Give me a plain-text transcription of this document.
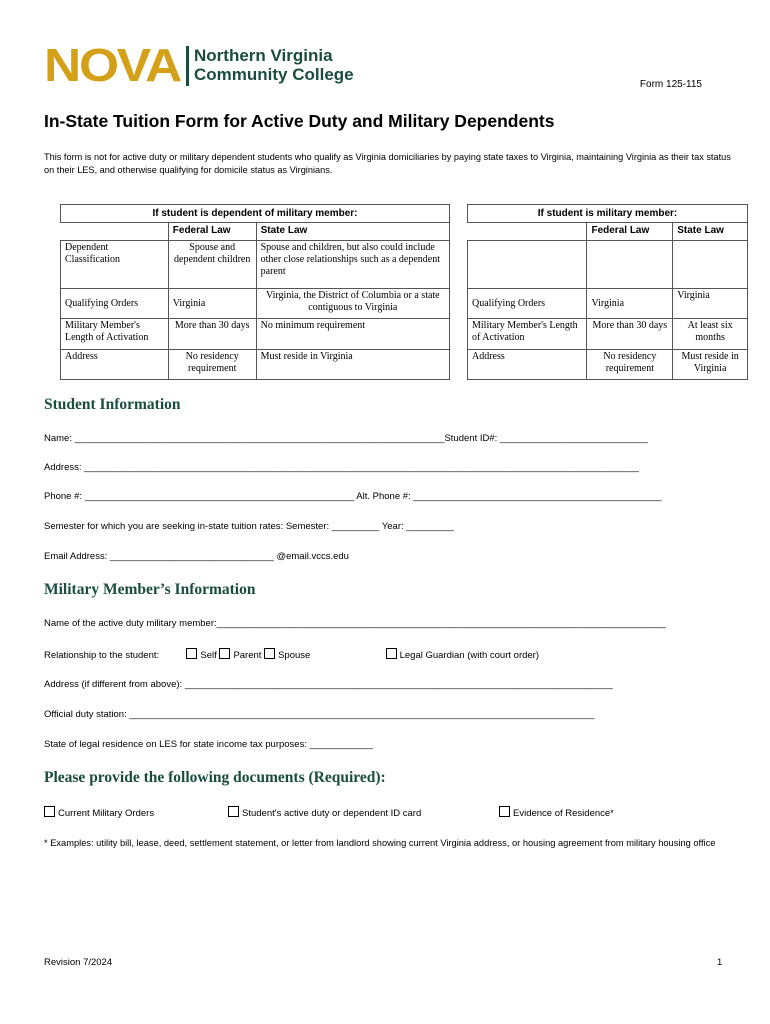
NOVA Northern Virginia
Community College
Form 125-115
In-State Tuition Form for Active Duty and Military Dependents
This form is not for active duty or military dependent students who qualify as Virginia domiciliaries by paying state taxes to Virginia, maintaining Virginia as their tax status on their LES, and otherwise qualifying for domicile status as Virginians.
If student is dependent of military member:		
	Federal Law	State Law
Dependent Classification	Spouse and dependent children	Spouse and children, but also could include other close relationships such as a dependent parent
Qualifying Orders	Virginia	Virginia, the District of Columbia or a state contiguous to Virginia
Military Member's Length of Activation	More than 30 days	No minimum requirement
Address	No residency requirement	Must reside in Virginia
If student is military member:		
	Federal Law	State Law

Qualifying Orders	Virginia	Virginia
Military Member's Length of Activation	More than 30 days	At least six months
Address	No residency requirement	Must reside in Virginia
Student Information
Name: ______________________________________________________________________Student ID#: ____________________________
Address: _________________________________________________________________________________________________________
Phone #: ___________________________________________________ Alt. Phone #: _______________________________________________
Semester for which you are seeking in-state tuition rates: Semester: _________ Year: _________
Email Address: _______________________________ @email.vccs.edu
Military Member’s Information
Name of the active duty military member:_____________________________________________________________________________________
Relationship to the student:	Self Parent Spouse	Legal Guardian (with court order)
Address (if different from above): _________________________________________________________________________________
Official duty station: ________________________________________________________________________________________
State of legal residence on LES for state income tax purposes: ____________
Please provide the following documents (Required):
Current Military Orders	Student's active duty or dependent ID card	Evidence of Residence*
* Examples: utility bill, lease, deed, settlement statement, or letter from landlord showing current Virginia address, or housing agreement from military housing office
Revision 7/2024	1
